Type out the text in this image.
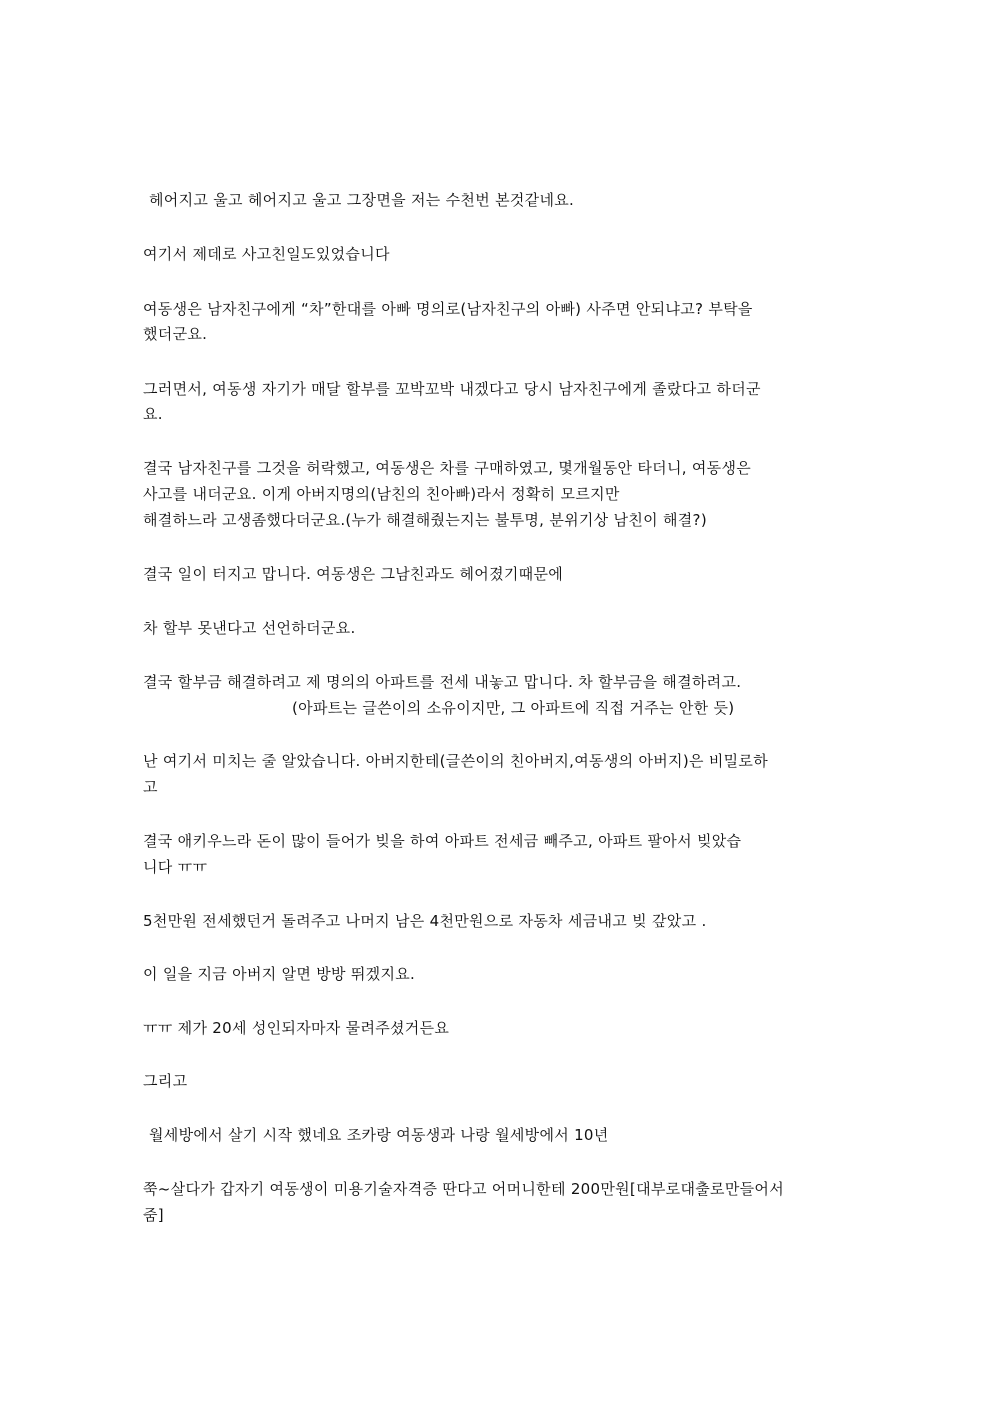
헤어지고 울고 헤어지고 울고 그장면을 저는 수천번 본것같네요.
여기서 제데로 사고친일도있었습니다
여동생은 남자친구에게 “차”한대를 아빠 명의로(남자친구의 아빠) 사주면 안되냐고? 부탁을
했더군요.
그러면서, 여동생 자기가 매달 할부를 꼬박꼬박 내겠다고 당시 남자친구에게 졸랐다고 하더군
요.
결국 남자친구를 그것을 허락했고, 여동생은 차를 구매하였고, 몇개월동안 타더니, 여동생은
사고를 내더군요. 이게 아버지명의(남친의 친아빠)라서 정확히 모르지만
해결하느라 고생좀했다더군요.(누가 해결해줬는지는 불투명, 분위기상 남친이 해결?)
결국 일이 터지고 맙니다. 여동생은 그남친과도 헤어졌기때문에
차 할부 못낸다고 선언하더군요.
결국 할부금 해결하려고 제 명의의 아파트를 전세 내놓고 맙니다. 차 할부금을 해결하려고.
(아파트는 글쓴이의 소유이지만, 그 아파트에 직접 거주는 안한 듯)
난 여기서 미치는 줄 알았습니다. 아버지한테(글쓴이의 친아버지,여동생의 아버지)은 비밀로하
고
결국 애키우느라 돈이 많이 들어가 빚을 하여 아파트 전세금 빼주고, 아파트 팔아서 빚았습
니다 ㅠㅠ
5천만원 전세했던거 돌려주고 나머지 남은 4천만원으로 자동차 세금내고 빚 갚았고 .
이 일을 지금 아버지 알면 방방 뛰겠지요.
ㅠㅠ 제가 20세 성인되자마자 물려주셨거든요
그리고
월세방에서 살기 시작 했네요 조카랑 여동생과 나랑 월세방에서 10년
쭉~살다가 갑자기 여동생이 미용기술자격증 딴다고 어머니한테 200만원[대부로대출로만들어서
줌]
